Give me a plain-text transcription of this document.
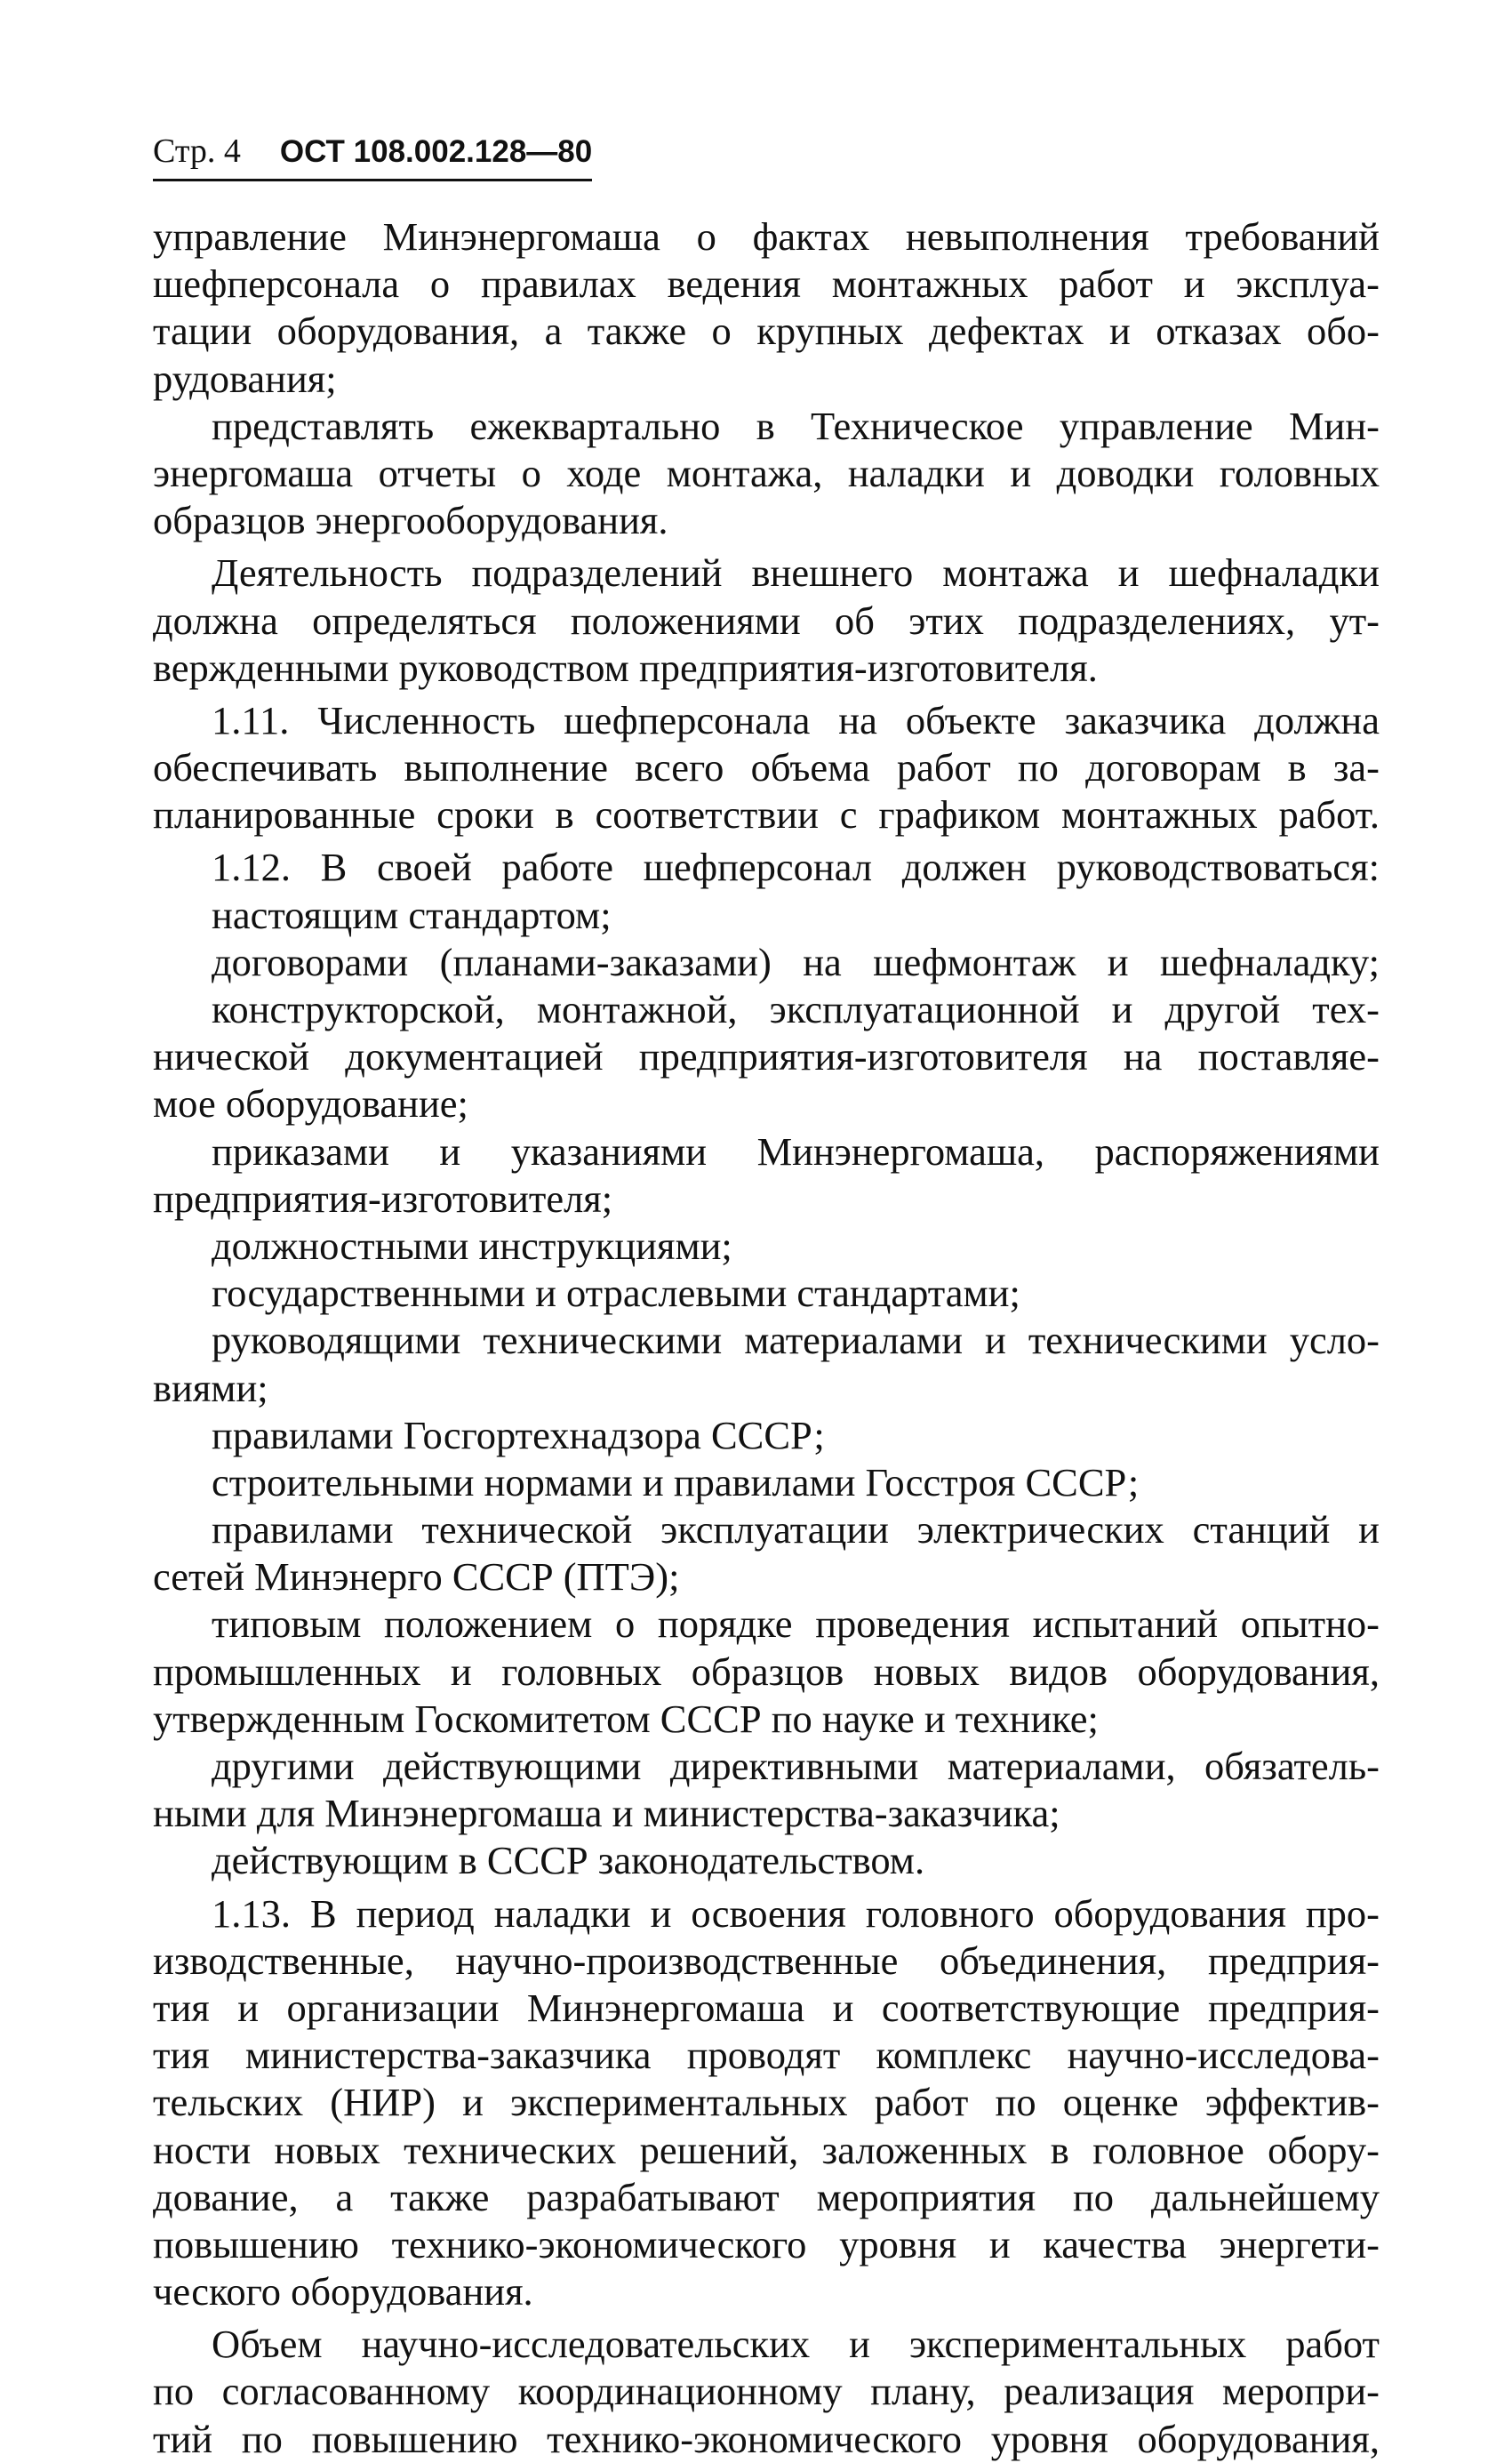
Стр. 4 ОСТ 108.002.128—80
управление Минэнергомаша о фактах невыполнения требований
шефперсонала о правилах ведения монтажных работ и эксплуа-
тации оборудования, а также о крупных дефектах и отказах обо-
рудования;
представлять ежеквартально в Техническое управление Мин-
энергомаша отчеты о ходе монтажа, наладки и доводки головных
образцов энергооборудования.
Деятельность подразделений внешнего монтажа и шефналадки
должна определяться положениями об этих подразделениях, ут-
вержденными руководством предприятия-изготовителя.
1.11. Численность шефперсонала на объекте заказчика должна
обеспечивать выполнение всего объема работ по договорам в за-
планированные сроки в соответствии с графиком монтажных работ.
1.12. В своей работе шефперсонал должен руководствоваться:
настоящим стандартом;
договорами (планами-заказами) на шефмонтаж и шефналадку;
конструкторской, монтажной, эксплуатационной и другой тех-
нической документацией предприятия-изготовителя на поставляе-
мое оборудование;
приказами и указаниями Минэнергомаша, распоряжениями
предприятия-изготовителя;
должностными инструкциями;
государственными и отраслевыми стандартами;
руководящими техническими материалами и техническими усло-
виями;
правилами Госгортехнадзора СССР;
строительными нормами и правилами Госстроя СССР;
правилами технической эксплуатации электрических станций и
сетей Минэнерго СССР (ПТЭ);
типовым положением о порядке проведения испытаний опытно-
промышленных и головных образцов новых видов оборудования,
утвержденным Госкомитетом СССР по науке и технике;
другими действующими директивными материалами, обязатель-
ными для Минэнергомаша и министерства-заказчика;
действующим в СССР законодательством.
1.13. В период наладки и освоения головного оборудования про-
изводственные, научно-производственные объединения, предприя-
тия и организации Минэнергомаша и соответствующие предприя-
тия министерства-заказчика проводят комплекс научно-исследова-
тельских (НИР) и экспериментальных работ по оценке эффектив-
ности новых технических решений, заложенных в головное обору-
дование, а также разрабатывают мероприятия по дальнейшему
повышению технико-экономического уровня и качества энергети-
ческого оборудования.
Объем научно-исследовательских и экспериментальных работ
по согласованному координационному плану, реализация меропри-
тий по повышению технико-экономического уровня оборудования,
